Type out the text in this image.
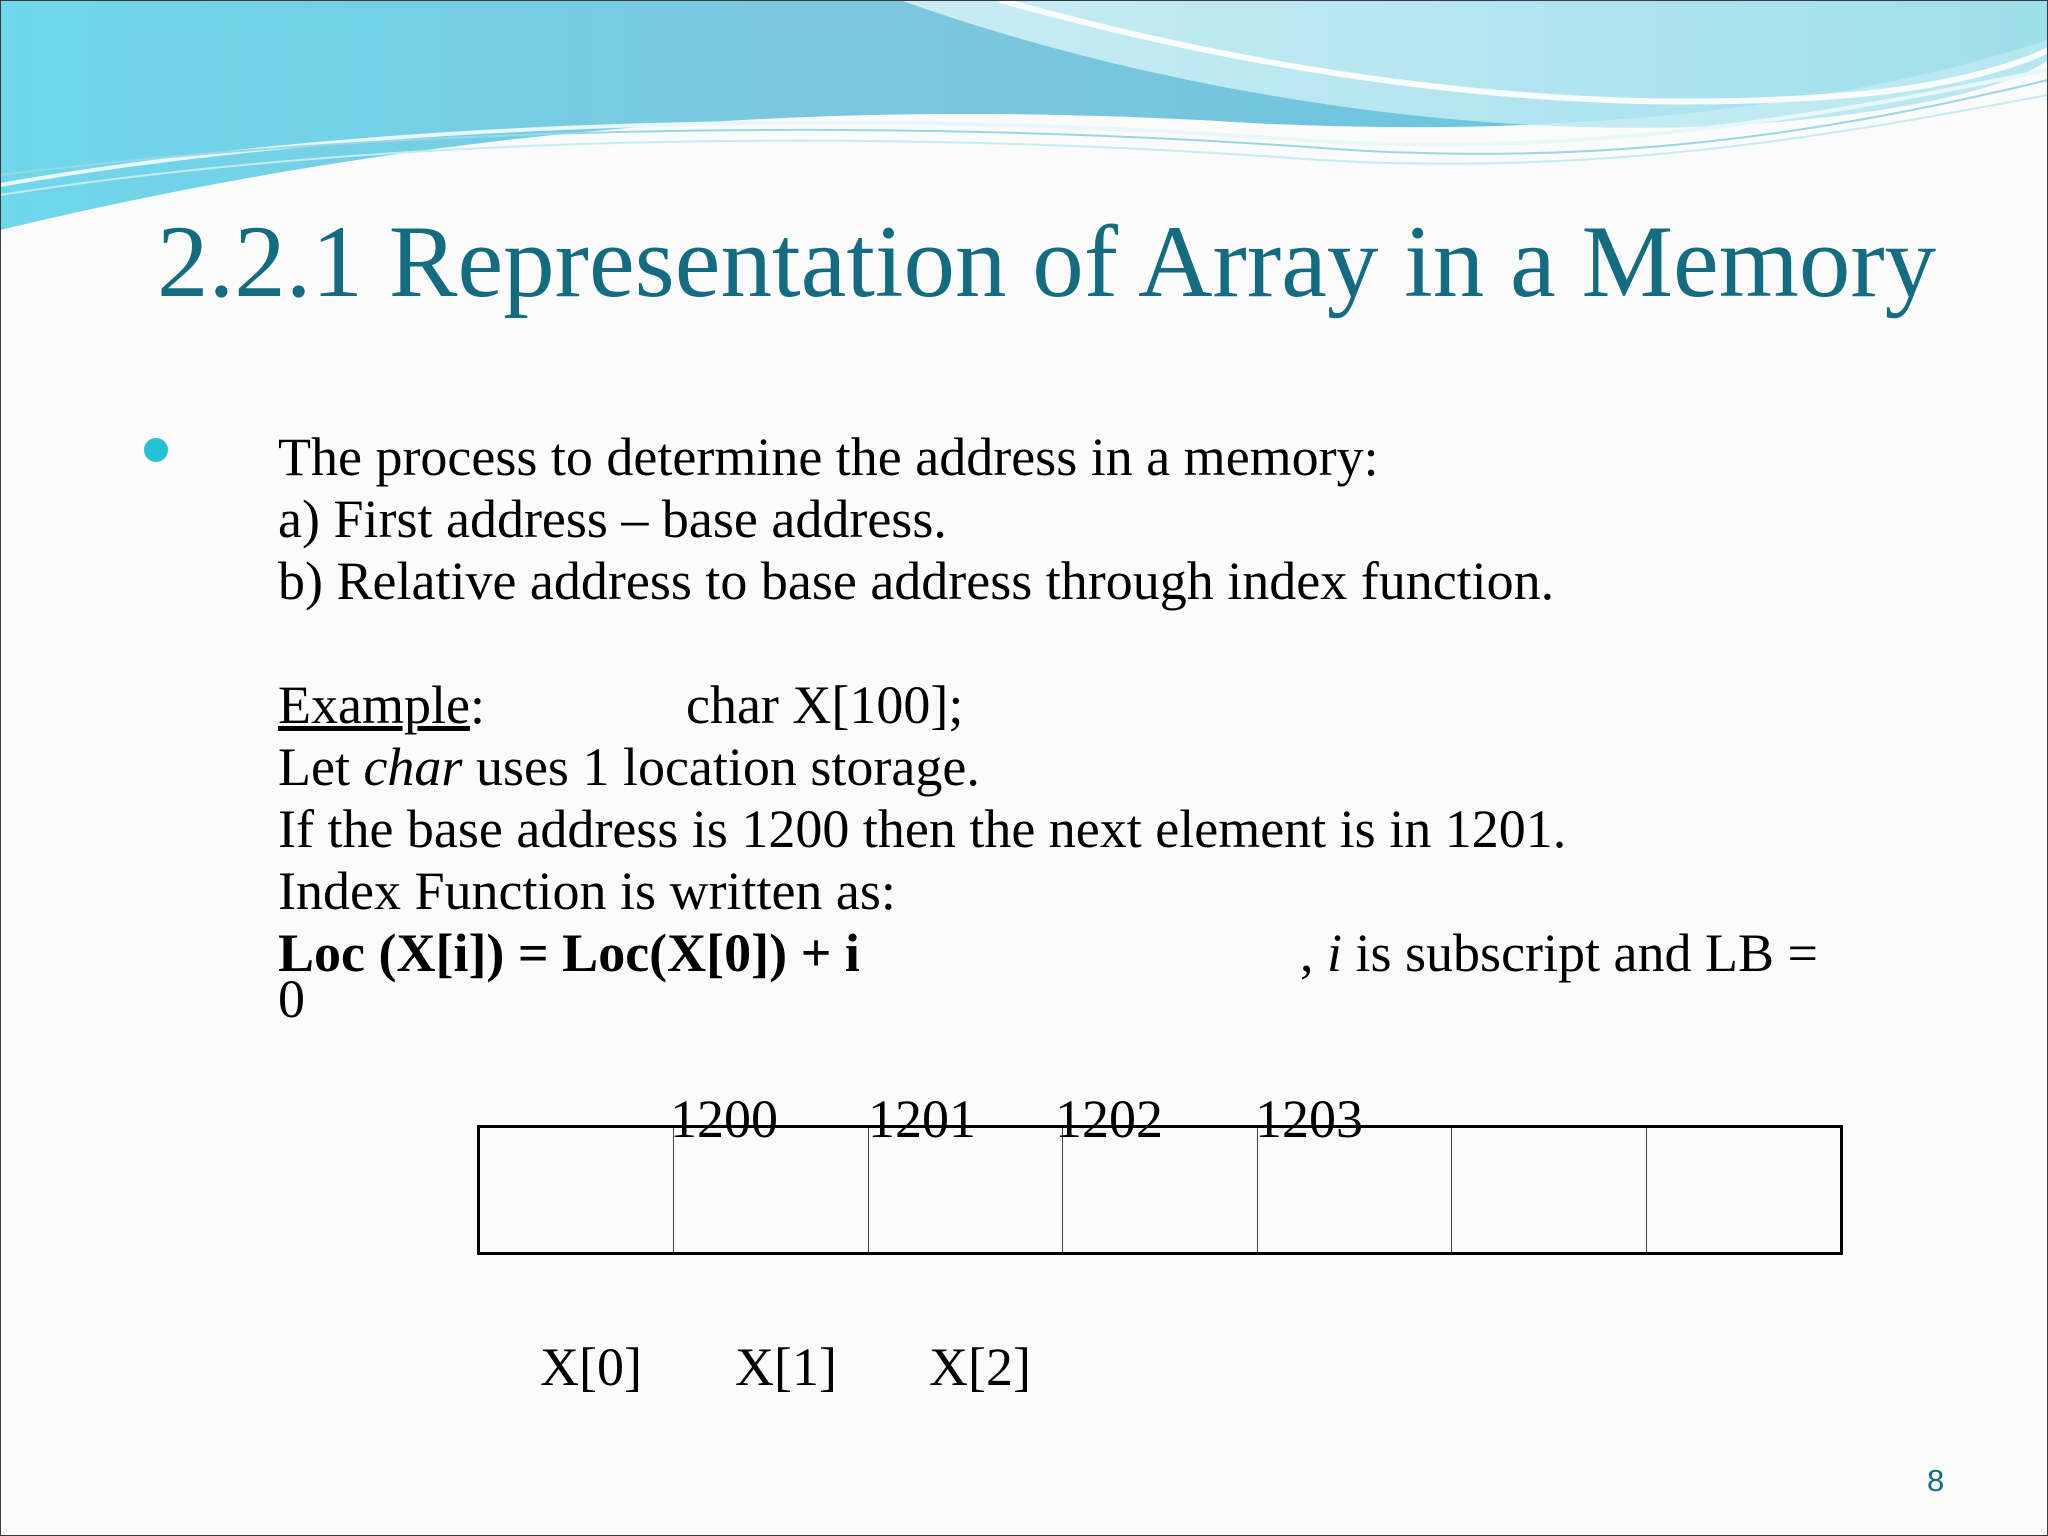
2.2.1 Representation of Array in a Memory
The process to determine the address in a memory:
a) First address – base address.
b) Relative address to base address through index function.
Example:	char X[100];
Let char uses 1 location storage.
If the base address is 1200 then the next element is in 1201.
Index Function is written as:
Loc (X[i]) = Loc(X[0]) + i	, i is subscript and LB =
0
1200 1201 1202 1203
X[0] X[1] X[2]
8
